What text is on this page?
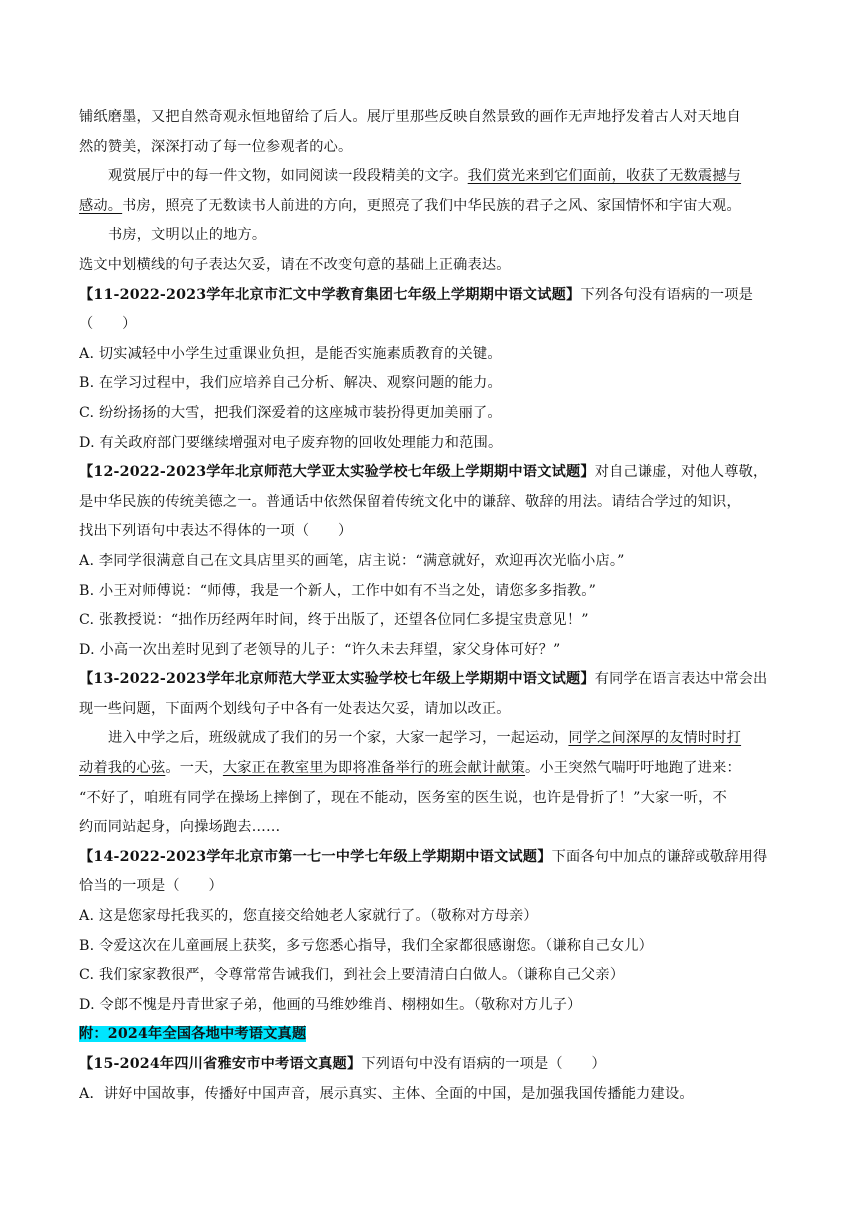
铺纸磨墨，又把自然奇观永恒地留给了后人。展厅里那些反映自然景致的画作无声地抒发着古人对天地自
然的赞美，深深打动了每一位参观者的心。
观赏展厅中的每一件文物，如同阅读一段段精美的文字。我们赏光来到它们面前，收获了无数震撼与
感动。书房，照亮了无数读书人前进的方向，更照亮了我们中华民族的君子之风、家国情怀和宇宙大观。
书房，文明以止的地方。
选文中划横线的句子表达欠妥，请在不改变句意的基础上正确表达。
【11-2022-2023学年北京市汇文中学教育集团七年级上学期期中语文试题】下列各句没有语病的一项是
（　　）
A. 切实减轻中小学生过重课业负担，是能否实施素质教育的关键。
B. 在学习过程中，我们应培养自己分析、解决、观察问题的能力。
C. 纷纷扬扬的大雪，把我们深爱着的这座城市装扮得更加美丽了。
D. 有关政府部门要继续增强对电子废弃物的回收处理能力和范围。
【12-2022-2023学年北京师范大学亚太实验学校七年级上学期期中语文试题】对自己谦虚，对他人尊敬，
是中华民族的传统美德之一。普通话中依然保留着传统文化中的谦辞、敬辞的用法。请结合学过的知识，
找出下列语句中表达不得体的一项（　　）
A. 李同学很满意自己在文具店里买的画笔，店主说：“满意就好，欢迎再次光临小店。”
B. 小王对师傅说：“师傅，我是一个新人，工作中如有不当之处，请您多多指教。”
C. 张教授说：“拙作历经两年时间，终于出版了，还望各位同仁多提宝贵意见！”
D. 小高一次出差时见到了老领导的儿子：“许久未去拜望，家父身体可好？”
【13-2022-2023学年北京师范大学亚太实验学校七年级上学期期中语文试题】有同学在语言表达中常会出
现一些问题，下面两个划线句子中各有一处表达欠妥，请加以改正。
进入中学之后，班级就成了我们的另一个家，大家一起学习，一起运动，同学之间深厚的友情时时打
动着我的心弦。一天，大家正在教室里为即将准备举行的班会献计献策。小王突然气喘吁吁地跑了进来：
“不好了，咱班有同学在操场上摔倒了，现在不能动，医务室的医生说，也许是骨折了！”大家一听，不
约而同站起身，向操场跑去……
【14-2022-2023学年北京市第一七一中学七年级上学期期中语文试题】下面各句中加点的谦辞或敬辞用得
恰当的一项是（　　）
A. 这是您家母托我买的，您直接交给她老人家就行了。（敬称对方母亲）
B. 令爱这次在儿童画展上获奖，多亏您悉心指导，我们全家都很感谢您。（谦称自己女儿）
C. 我们家家教很严，令尊常常告诫我们，到社会上要清清白白做人。（谦称自己父亲）
D. 令郎不愧是丹青世家子弟，他画的马维妙维肖、栩栩如生。（敬称对方儿子）
附：2024年全国各地中考语文真题
【15-2024年四川省雅安市中考语文真题】下列语句中没有语病的一项是（　　）
A．讲好中国故事，传播好中国声音，展示真实、主体、全面的中国，是加强我国传播能力建设。
